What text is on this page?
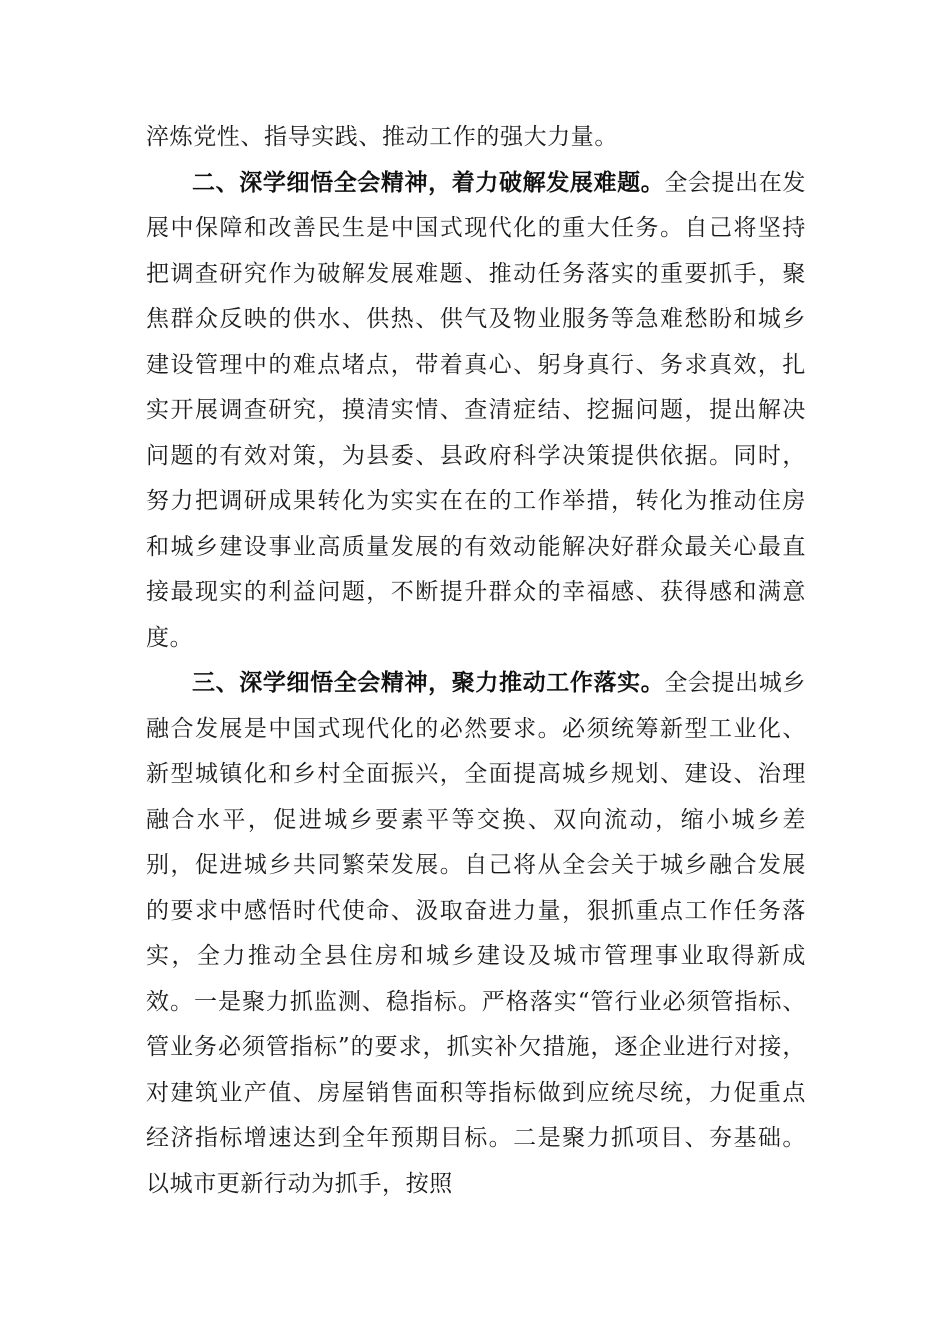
淬炼党性、指导实践、推动工作的强大力量。

二、深学细悟全会精神，着力破解发展难题。全会提出在发展中保障和改善民生是中国式现代化的重大任务。自己将坚持把调查研究作为破解发展难题、推动任务落实的重要抓手，聚焦群众反映的供水、供热、供气及物业服务等急难愁盼和城乡建设管理中的难点堵点，带着真心、躬身真行、务求真效，扎实开展调查研究，摸清实情、查清症结、挖掘问题，提出解决问题的有效对策，为县委、县政府科学决策提供依据。同时，努力把调研成果转化为实实在在的工作举措，转化为推动住房和城乡建设事业高质量发展的有效动能解决好群众最关心最直接最现实的利益问题，不断提升群众的幸福感、获得感和满意度。

三、深学细悟全会精神，聚力推动工作落实。全会提出城乡融合发展是中国式现代化的必然要求。必须统筹新型工业化、新型城镇化和乡村全面振兴，全面提高城乡规划、建设、治理融合水平，促进城乡要素平等交换、双向流动，缩小城乡差别，促进城乡共同繁荣发展。自己将从全会关于城乡融合发展的要求中感悟时代使命、汲取奋进力量，狠抓重点工作任务落实，全力推动全县住房和城乡建设及城市管理事业取得新成效。一是聚力抓监测、稳指标。严格落实“管行业必须管指标、管业务必须管指标”的要求，抓实补欠措施，逐企业进行对接，对建筑业产值、房屋销售面积等指标做到应统尽统，力促重点经济指标增速达到全年预期目标。二是聚力抓项目、夯基础。以城市更新行动为抓手，按照
